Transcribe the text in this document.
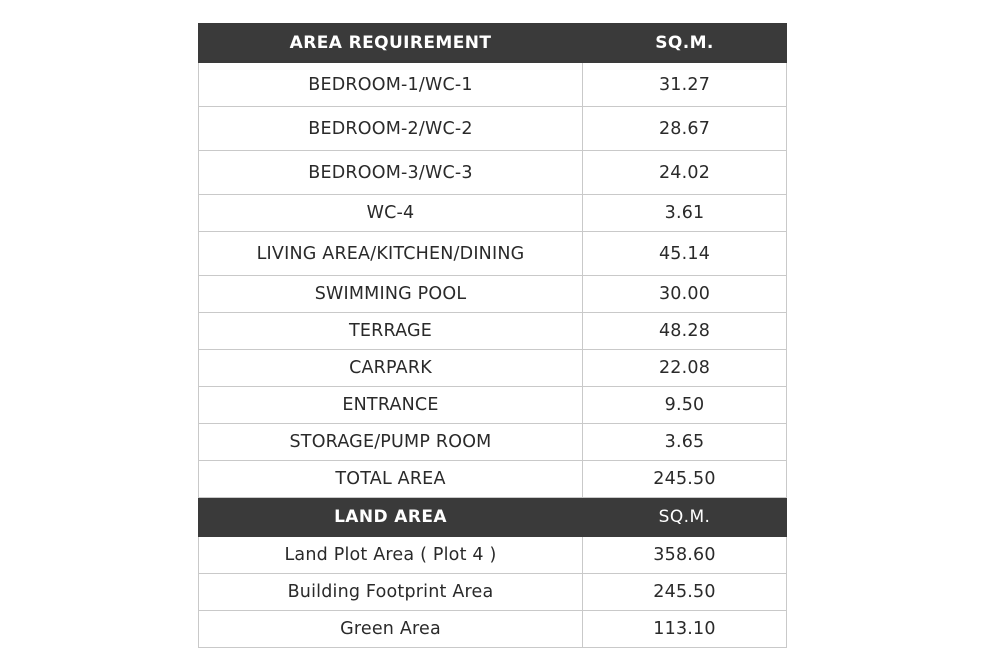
AREA REQUIREMENT	SQ.M.
BEDROOM-1/WC-1	31.27
BEDROOM-2/WC-2	28.67
BEDROOM-3/WC-3	24.02
WC-4	3.61
LIVING AREA/KITCHEN/DINING	45.14
SWIMMING POOL	30.00
TERRAGE	48.28
CARPARK	22.08
ENTRANCE	9.50
STORAGE/PUMP ROOM	3.65
TOTAL AREA	245.50
LAND AREA	SQ.M.
Land Plot Area ( Plot 4 )	358.60
Building Footprint Area	245.50
Green Area	113.10
